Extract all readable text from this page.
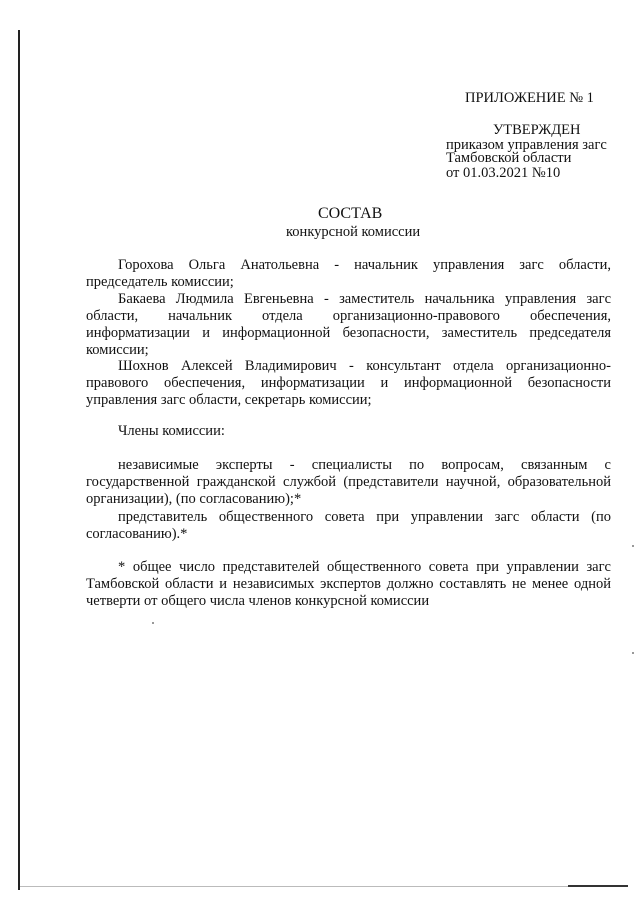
ПРИЛОЖЕНИЕ № 1
УТВЕРЖДЕН
приказом управления загс
Тамбовской области
от 01.03.2021 №10
СОСТАВ
конкурсной комиссии
Горохова Ольга Анатольевна - начальник управления загс области, председатель комиссии;
Бакаева Людмила Евгеньевна - заместитель начальника управления загс области, начальник отдела организационно-правового обеспечения, информатизации и информационной безопасности, заместитель председателя комиссии;
Шохнов Алексей Владимирович - консультант отдела организационно-правового обеспечения, информатизации и информационной безопасности управления загс области, секретарь комиссии;
Члены комиссии:
независимые эксперты - специалисты по вопросам, связанным с государственной гражданской службой (представители научной, образовательной организации), (по согласованию);*
представитель общественного совета при управлении загс области (по согласованию).*
* общее число представителей общественного совета при управлении загс Тамбовской области и независимых экспертов должно составлять не менее одной четверти от общего числа членов конкурсной комиссии
